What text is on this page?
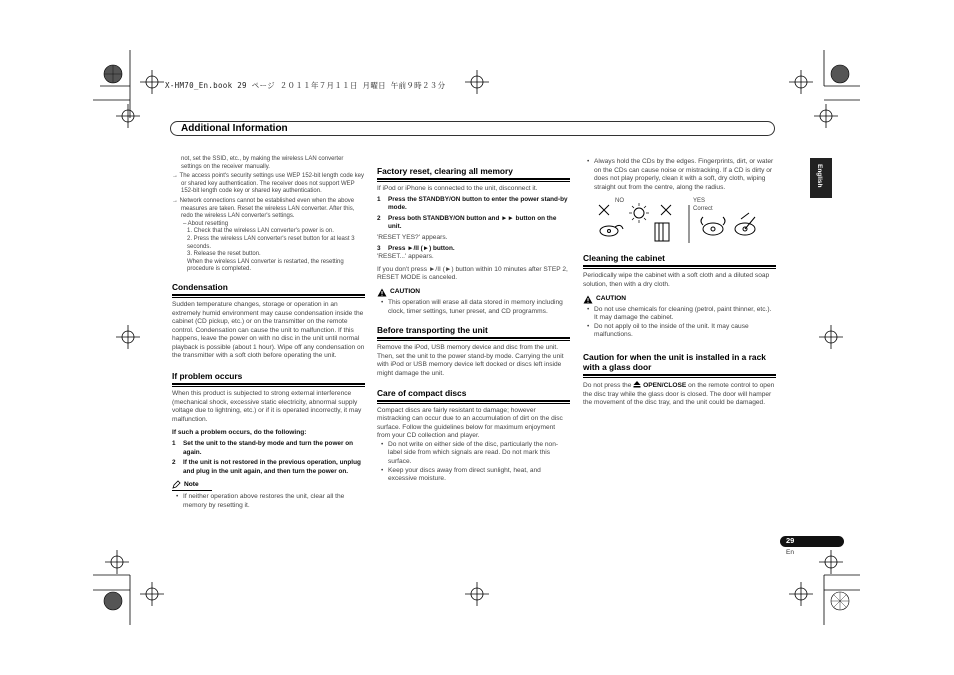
X-HM70_En.book 29 ページ ２０１１年７月１１日 月曜日 午前９時２３分
Additional Information
English
not, set the SSID, etc., by making the wireless LAN converter settings on the receiver manually.
→ The access point's security settings use WEP 152-bit length code key or shared key authentication. The receiver does not support WEP 152-bit length code key or shared key authentication.
→ Network connections cannot be established even when the above measures are taken. Reset the wireless LAN converter. After this, redo the wireless LAN converter's settings.
– About resetting
1. Check that the wireless LAN converter's power is on.
2. Press the wireless LAN converter's reset button for at least 3 seconds.
3. Release the reset button.
When the wireless LAN converter is restarted, the resetting procedure is completed.
Condensation
Sudden temperature changes, storage or operation in an extremely humid environment may cause condensation inside the cabinet (CD pickup, etc.) or on the transmitter on the remote control. Condensation can cause the unit to malfunction. If this happens, leave the power on with no disc in the unit until normal playback is possible (about 1 hour). Wipe off any condensation on the transmitter with a soft cloth before operating the unit.
If problem occurs
When this product is subjected to strong external interference (mechanical shock, excessive static electricity, abnormal supply voltage due to lightning, etc.) or if it is operated incorrectly, it may malfunction.
If such a problem occurs, do the following:
1 Set the unit to the stand-by mode and turn the power on again.
2 If the unit is not restored in the previous operation, unplug and plug in the unit again, and then turn the power on.
Note
• If neither operation above restores the unit, clear all the memory by resetting it.
Factory reset, clearing all memory
If iPod or iPhone is connected to the unit, disconnect it.
1 Press the STANDBY/ON button to enter the power stand-by mode.
2 Press both STANDBY/ON button and ►► button on the unit.
'RESET YES?' appears.
3 Press ►/II (►) button.
'RESET...' appears.
If you don't press ►/II (►) button within 10 minutes after STEP 2, RESET MODE is canceled.
CAUTION
• This operation will erase all data stored in memory including clock, timer settings, tuner preset, and CD programms.
Before transporting the unit
Remove the iPod, USB memory device and disc from the unit. Then, set the unit to the power stand-by mode. Carrying the unit with iPod or USB memory device left docked or discs left inside might damage the unit.
Care of compact discs
Compact discs are fairly resistant to damage; however mistracking can occur due to an accumulation of dirt on the disc surface. Follow the guidelines below for maximum enjoyment from your CD collection and player.
• Do not write on either side of the disc, particularly the non-label side from which signals are read. Do not mark this surface.
• Keep your discs away from direct sunlight, heat, and excessive moisture.
• Always hold the CDs by the edges. Fingerprints, dirt, or water on the CDs can cause noise or mistracking. If a CD is dirty or does not play properly, clean it with a soft, dry cloth, wiping straight out from the centre, along the radius.
NO	YES
Correct
Cleaning the cabinet
Periodically wipe the cabinet with a soft cloth and a diluted soap solution, then with a dry cloth.
CAUTION
• Do not use chemicals for cleaning (petrol, paint thinner, etc.). It may damage the cabinet.
• Do not apply oil to the inside of the unit. It may cause malfunctions.
Caution for when the unit is installed in a rack with a glass door
Do not press the OPEN/CLOSE on the remote control to open the disc tray while the glass door is closed. The door will hamper the movement of the disc tray, and the unit could be damaged.
29
En
